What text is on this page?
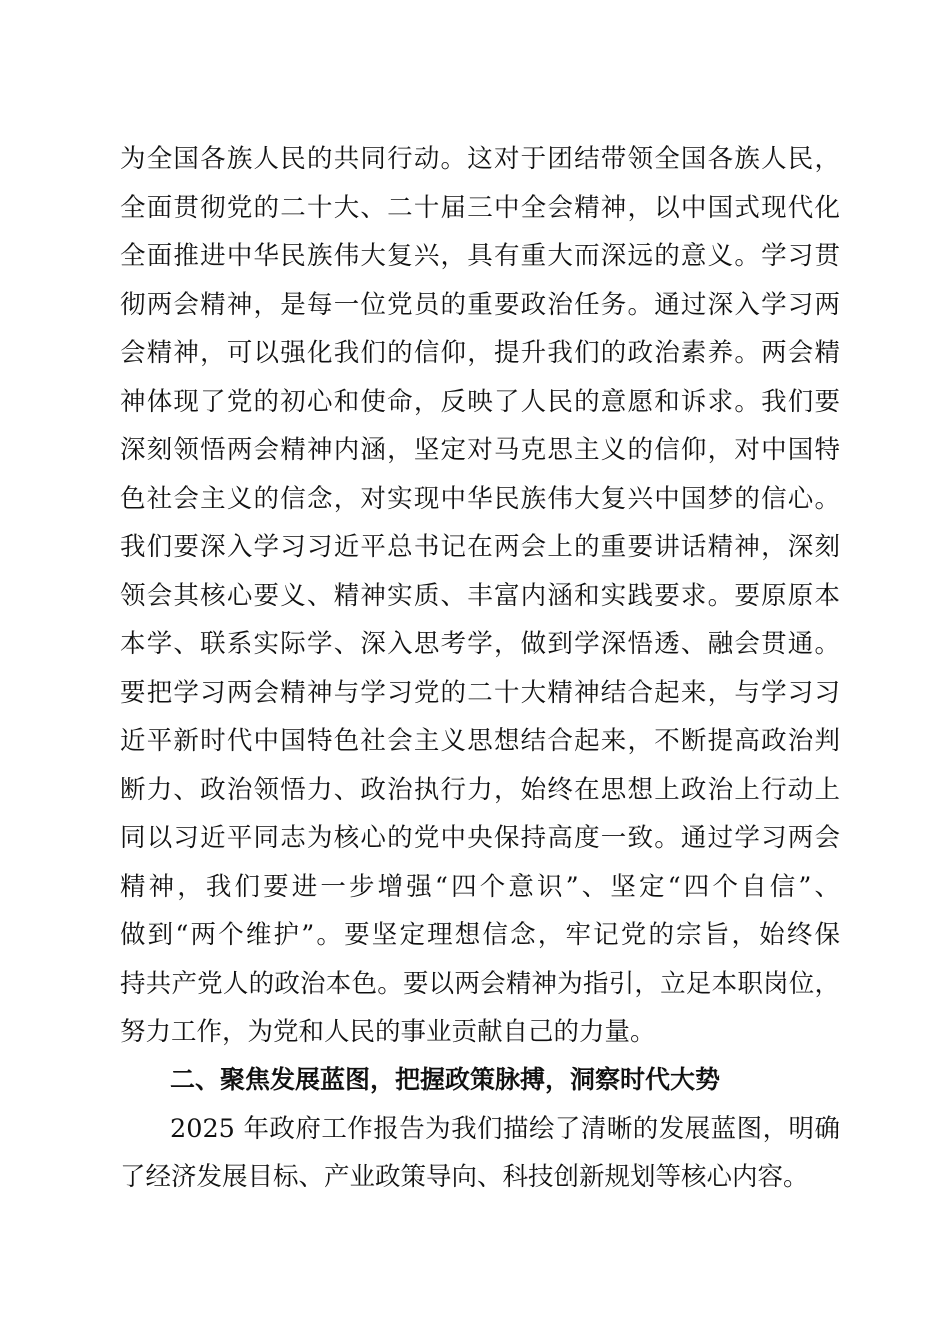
为全国各族人民的共同行动。这对于团结带领全国各族人民，
全面贯彻党的二十大、二十届三中全会精神，以中国式现代化
全面推进中华民族伟大复兴，具有重大而深远的意义。学习贯
彻两会精神，是每一位党员的重要政治任务。通过深入学习两
会精神，可以强化我们的信仰，提升我们的政治素养。两会精
神体现了党的初心和使命，反映了人民的意愿和诉求。我们要
深刻领悟两会精神内涵，坚定对马克思主义的信仰，对中国特
色社会主义的信念，对实现中华民族伟大复兴中国梦的信心。
我们要深入学习习近平总书记在两会上的重要讲话精神，深刻
领会其核心要义、精神实质、丰富内涵和实践要求。要原原本
本学、联系实际学、深入思考学，做到学深悟透、融会贯通。
要把学习两会精神与学习党的二十大精神结合起来，与学习习
近平新时代中国特色社会主义思想结合起来，不断提高政治判
断力、政治领悟力、政治执行力，始终在思想上政治上行动上
同以习近平同志为核心的党中央保持高度一致。通过学习两会
精神，我们要进一步增强“四个意识”、坚定“四个自信”、
做到“两个维护”。要坚定理想信念，牢记党的宗旨，始终保
持共产党人的政治本色。要以两会精神为指引，立足本职岗位，
努力工作，为党和人民的事业贡献自己的力量。
二、聚焦发展蓝图，把握政策脉搏，洞察时代大势
2025 年政府工作报告为我们描绘了清晰的发展蓝图，明确
了经济发展目标、产业政策导向、科技创新规划等核心内容。
